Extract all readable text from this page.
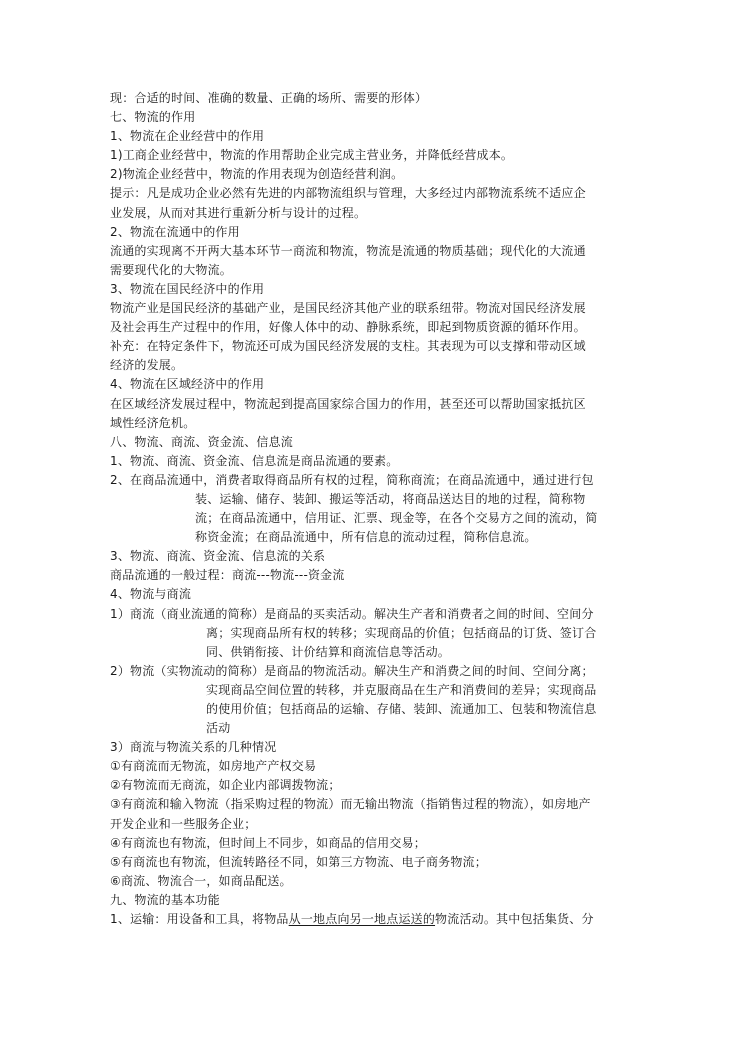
现：合适的时间、准确的数量、正确的场所、需要的形体）
七、物流的作用
1、物流在企业经营中的作用
1)工商企业经营中，物流的作用帮助企业完成主营业务，并降低经营成本。
2)物流企业经营中，物流的作用表现为创造经营利润。
提示：凡是成功企业必然有先进的内部物流组织与管理，大多经过内部物流系统不适应企
业发展，从而对其进行重新分析与设计的过程。
2、物流在流通中的作用
流通的实现离不开两大基本环节一商流和物流，物流是流通的物质基础；现代化的大流通
需要现代化的大物流。
3、物流在国民经济中的作用
物流产业是国民经济的基础产业，是国民经济其他产业的联系纽带。物流对国民经济发展
及社会再生产过程中的作用，好像人体中的动、静脉系统，即起到物质资源的循环作用。
补充：在特定条件下，物流还可成为国民经济发展的支柱。其表现为可以支撑和带动区域
经济的发展。
4、物流在区域经济中的作用
在区域经济发展过程中，物流起到提高国家综合国力的作用，甚至还可以帮助国家抵抗区
域性经济危机。
八、物流、商流、资金流、信息流
1、物流、商流、资金流、信息流是商品流通的要素。
2、在商品流通中，消费者取得商品所有权的过程，简称商流；在商品流通中，通过进行包
装、运输、储存、装卸、搬运等活动，将商品送达目的地的过程，简称物
流；在商品流通中，信用证、汇票、现金等，在各个交易方之间的流动，简
称资金流；在商品流通中，所有信息的流动过程，简称信息流。
3、物流、商流、资金流、信息流的关系
商品流通的一般过程：商流---物流---资金流
4、物流与商流
1）商流（商业流通的简称）是商品的买卖活动。解决生产者和消费者之间的时间、空间分
离；实现商品所有权的转移；实现商品的价值；包括商品的订货、签订合
同、供销衔接、计价结算和商流信息等活动。
2）物流（实物流动的简称）是商品的物流活动。解决生产和消费之间的时间、空间分离；
实现商品空间位置的转移，并克服商品在生产和消费间的差异；实现商品
的使用价值；包括商品的运输、存储、装卸、流通加工、包装和物流信息
活动
3）商流与物流关系的几种情况
①有商流而无物流，如房地产产权交易
②有物流而无商流，如企业内部调拨物流；
③有商流和输入物流（指采购过程的物流）而无输出物流（指销售过程的物流），如房地产
开发企业和一些服务企业；
④有商流也有物流，但时间上不同步，如商品的信用交易；
⑤有商流也有物流，但流转路径不同，如第三方物流、电子商务物流；
⑥商流、物流合一，如商品配送。
九、物流的基本功能
1、运输：用设备和工具，将物品从一地点向另一地点运送的物流活动。其中包括集货、分
